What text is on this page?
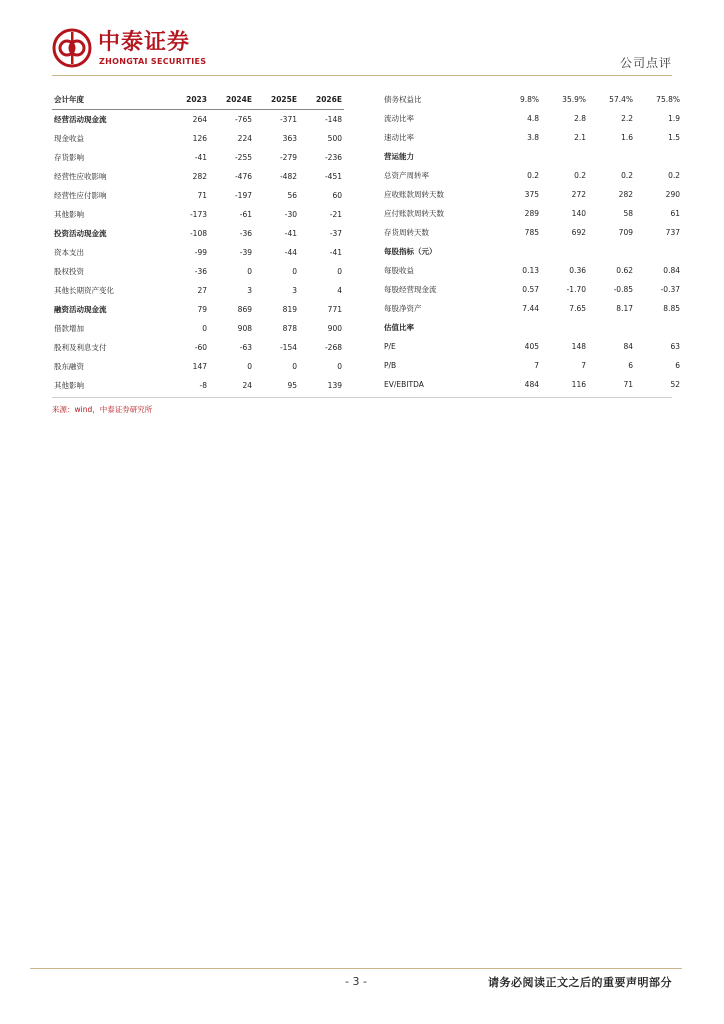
中泰证券
ZHONGTAI SECURITIES	公司点评
会计年度	2023	2024E	2025E	2026E
经营活动现金流	264	-765	-371	-148
现金收益	126	224	363	500
存货影响	-41	-255	-279	-236
经营性应收影响	282	-476	-482	-451
经营性应付影响	71	-197	56	60
其他影响	-173	-61	-30	-21
投资活动现金流	-108	-36	-41	-37
资本支出	-99	-39	-44	-41
股权投资	-36	0	0	0
其他长期资产变化	27	3	3	4
融资活动现金流	79	869	819	771
借款增加	0	908	878	900
股利及利息支付	-60	-63	-154	-268
股东融资	147	0	0	0
其他影响	-8	24	95	139
债务权益比	9.8%	35.9%	57.4%	75.8%
流动比率	4.8	2.8	2.2	1.9
速动比率	3.8	2.1	1.6	1.5
营运能力				
总资产周转率	0.2	0.2	0.2	0.2
应收账款周转天数	375	272	282	290
应付账款周转天数	289	140	58	61
存货周转天数	785	692	709	737
每股指标（元）				
每股收益	0.13	0.36	0.62	0.84
每股经营现金流	0.57	-1.70	-0.85	-0.37
每股净资产	7.44	7.65	8.17	8.85
估值比率				
P/E	405	148	84	63
P/B	7	7	6	6
EV/EBITDA	484	116	71	52
来源：wind，中泰证券研究所
- 3 -	请务必阅读正文之后的重要声明部分
